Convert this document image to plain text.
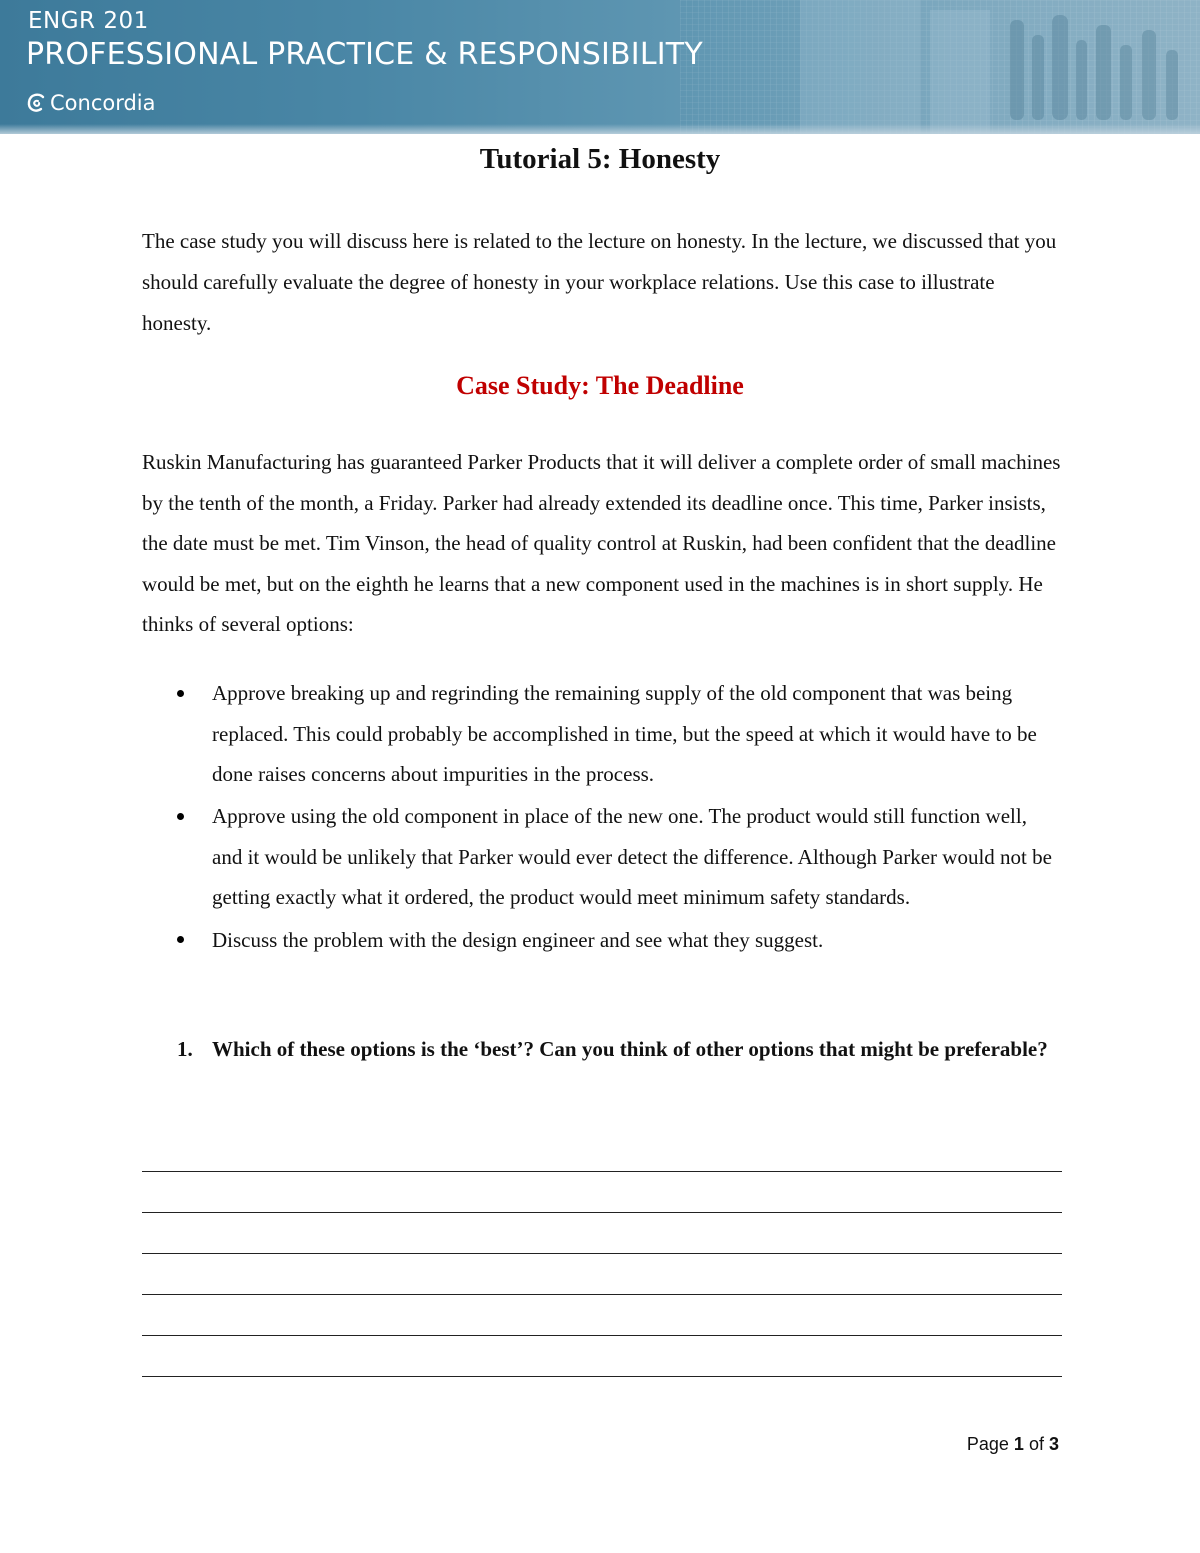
ENGR 201
PROFESSIONAL PRACTICE & RESPONSIBILITY
Concordia
Tutorial 5: Honesty

The case study you will discuss here is related to the lecture on honesty. In the lecture, we discussed that you should carefully evaluate the degree of honesty in your workplace relations. Use this case to illustrate honesty.

Case Study: The Deadline

Ruskin Manufacturing has guaranteed Parker Products that it will deliver a complete order of small machines by the tenth of the month, a Friday. Parker had already extended its deadline once. This time, Parker insists, the date must be met. Tim Vinson, the head of quality control at Ruskin, had been confident that the deadline would be met, but on the eighth he learns that a new component used in the machines is in short supply. He thinks of several options:

Approve breaking up and regrinding the remaining supply of the old component that was being replaced. This could probably be accomplished in time, but the speed at which it would have to be done raises concerns about impurities in the process.
Approve using the old component in place of the new one. The product would still function well, and it would be unlikely that Parker would ever detect the difference. Although Parker would not be getting exactly what it ordered, the product would meet minimum safety standards.
Discuss the problem with the design engineer and see what they suggest.
1. Which of these options is the ‘best’? Can you think of other options that might be preferable?
Page 1 of 3
